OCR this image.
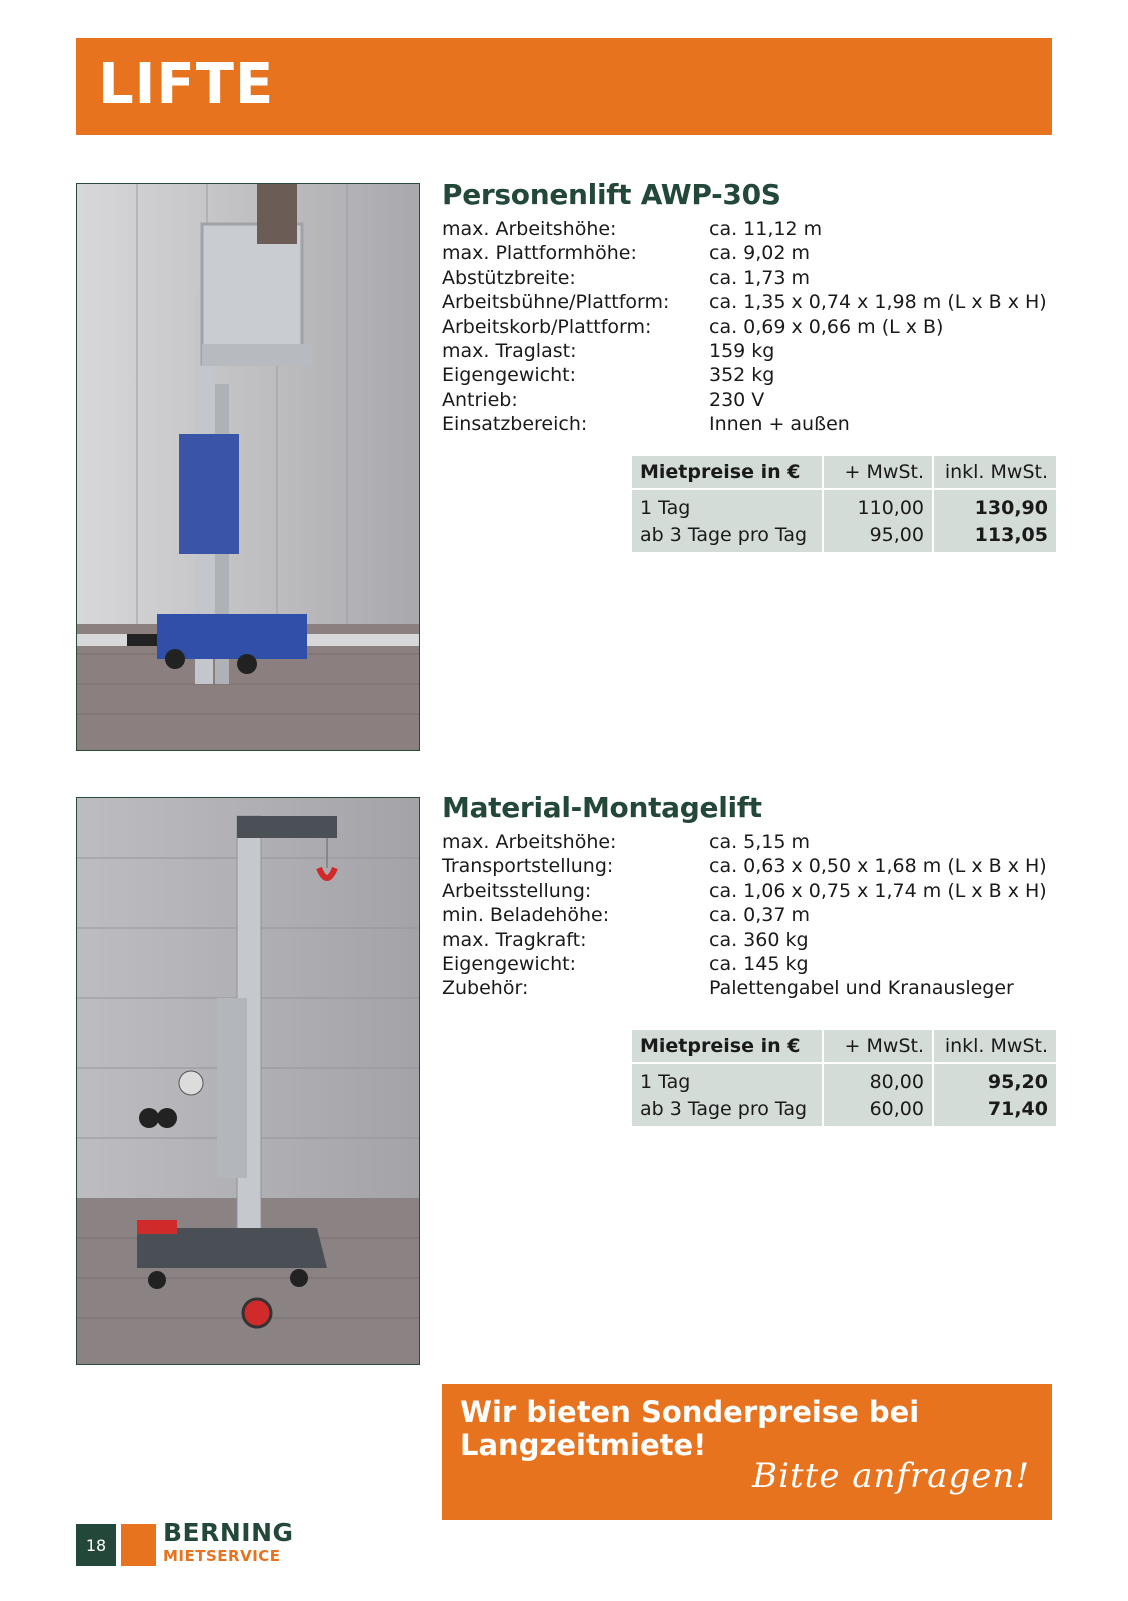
LIFTE
Personenlift AWP-30S
max. Arbeitshöhe:	ca. 11,12 m
max. Plattformhöhe:	ca. 9,02 m
Abstützbreite:	ca. 1,73 m
Arbeitsbühne/Plattform:	ca. 1,35 x 0,74 x 1,98 m (L x B x H)
Arbeitskorb/Plattform:	ca. 0,69 x 0,66 m (L x B)
max. Traglast:	159 kg
Eigengewicht:	352 kg
Antrieb:	230 V
Einsatzbereich:	Innen + außen
Mietpreise in €	+ MwSt.	inkl. MwSt.
1 Tag	110,00	130,90
ab 3 Tage pro Tag	95,00	113,05
Material-Montagelift
max. Arbeitshöhe:	ca. 5,15 m
Transportstellung:	ca. 0,63 x 0,50 x 1,68 m (L x B x H)
Arbeitsstellung:	ca. 1,06 x 0,75 x 1,74 m (L x B x H)
min. Beladehöhe:	ca. 0,37 m
max. Tragkraft:	ca. 360 kg
Eigengewicht:	ca. 145 kg
Zubehör:	Palettengabel und Kranausleger
Mietpreise in €	+ MwSt.	inkl. MwSt.
1 Tag	80,00	95,20
ab 3 Tage pro Tag	60,00	71,40
Wir bieten Sonderpreise bei Langzeitmiete!
Bitte anfragen!
18	BERNING
MIETSERVICE
